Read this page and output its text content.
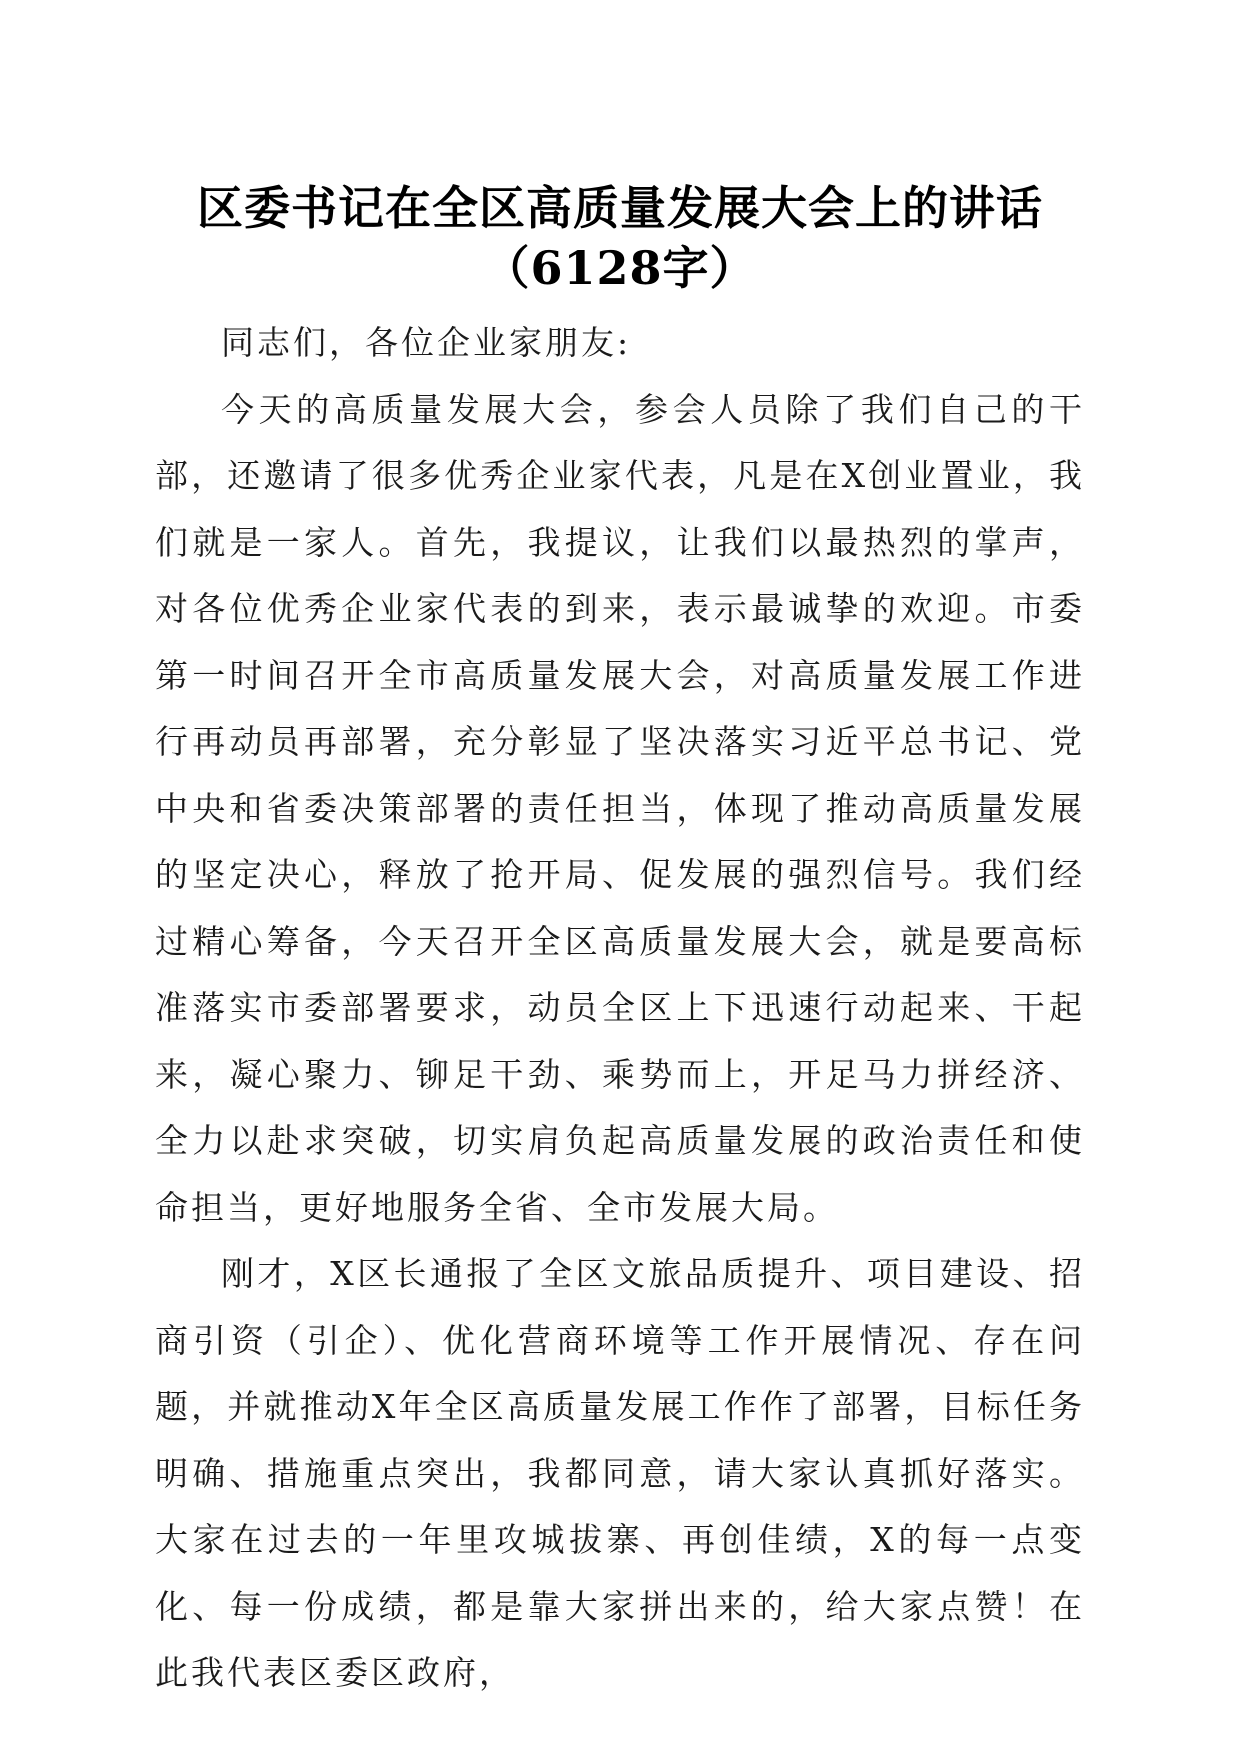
区委书记在全区高质量发展大会上的讲话
（6128字）

同志们，各位企业家朋友:

今天的高质量发展大会，参会人员除了我们自己的干部，还邀请了很多优秀企业家代表，凡是在X创业置业，我们就是一家人。首先，我提议，让我们以最热烈的掌声，对各位优秀企业家代表的到来，表示最诚挚的欢迎。市委第一时间召开全市高质量发展大会，对高质量发展工作进行再动员再部署，充分彰显了坚决落实习近平总书记、党中央和省委决策部署的责任担当，体现了推动高质量发展的坚定决心，释放了抢开局、促发展的强烈信号。我们经过精心筹备，今天召开全区高质量发展大会，就是要高标准落实市委部署要求，动员全区上下迅速行动起来、干起来，凝心聚力、铆足干劲、乘势而上，开足马力拼经济、全力以赴求突破，切实肩负起高质量发展的政治责任和使命担当，更好地服务全省、全市发展大局。

刚才，X区长通报了全区文旅品质提升、项目建设、招商引资（引企）、优化营商环境等工作开展情况、存在问题，并就推动X年全区高质量发展工作作了部署，目标任务明确、措施重点突出，我都同意，请大家认真抓好落实。大家在过去的一年里攻城拔寨、再创佳绩，X的每一点变化、每一份成绩，都是靠大家拼出来的，给大家点赞！在此我代表区委区政府，
